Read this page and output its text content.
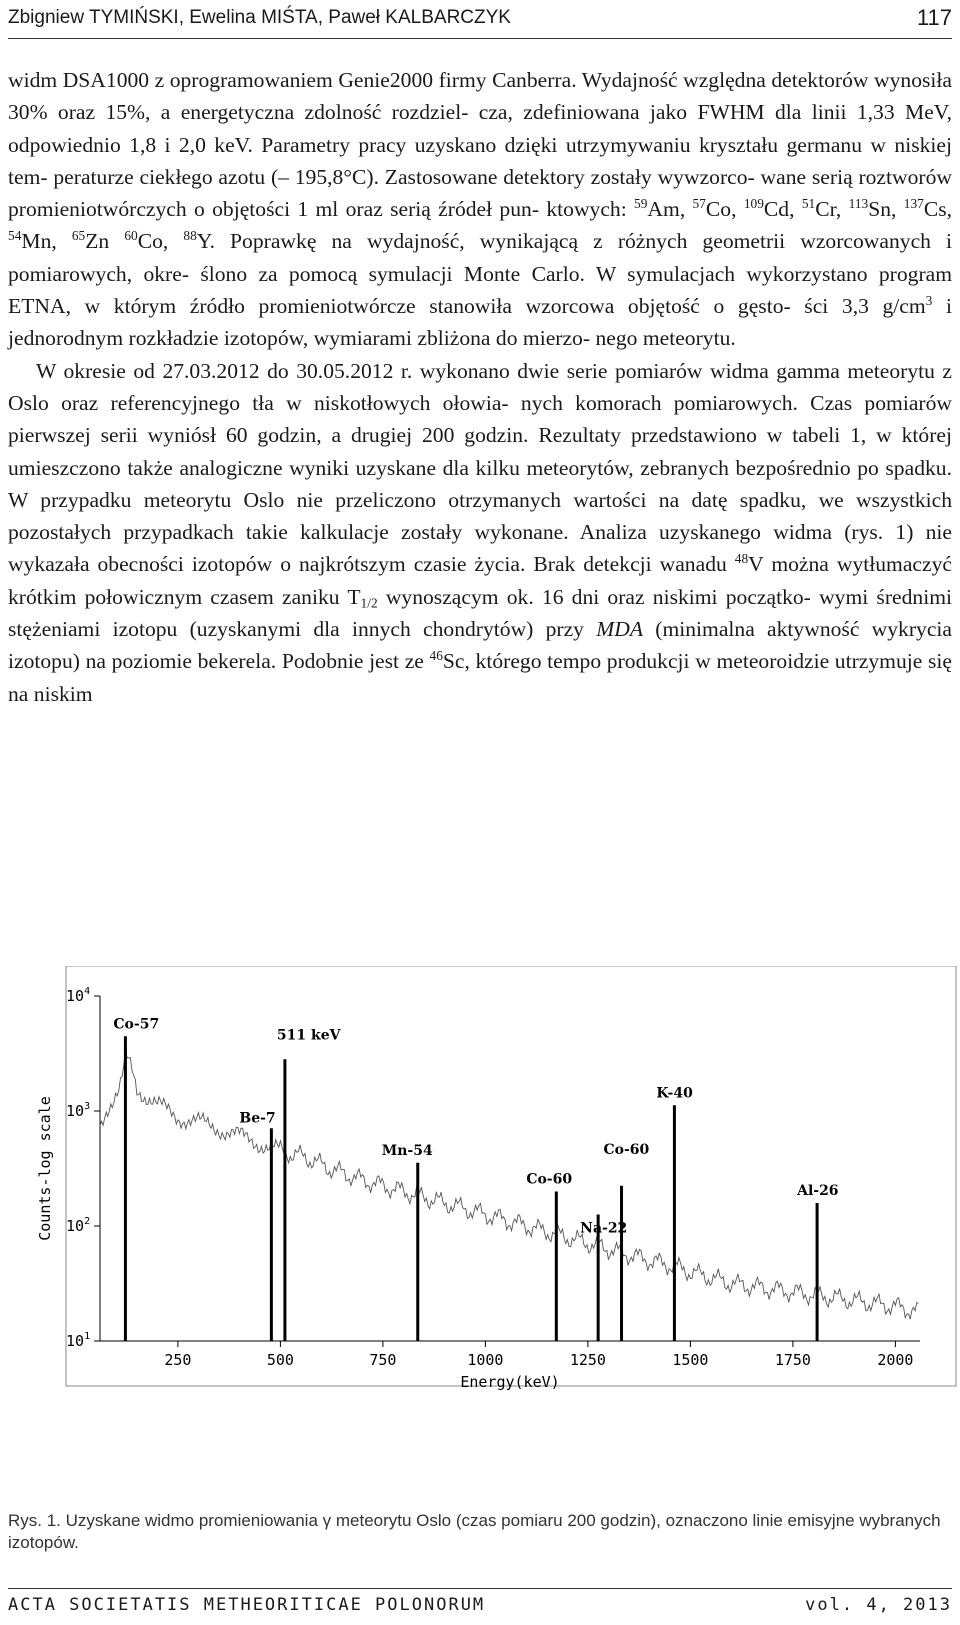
Zbigniew TYMIŃSKI, Ewelina MIŚTA, Paweł KALBARCZYK	117

widm DSA1000 z oprogramowaniem Genie2000 firmy Canberra. Wydajność względna detektorów wynosiła 30% oraz 15%, a energetyczna zdolność rozdziel- cza, zdefiniowana jako FWHM dla linii 1,33 MeV, odpowiednio 1,8 i 2,0 keV. Parametry pracy uzyskano dzięki utrzymywaniu kryształu germanu w niskiej tem- peraturze ciekłego azotu (– 195,8°C). Zastosowane detektory zostały wywzorco- wane serią roztworów promieniotwórczych o objętości 1 ml oraz serią źródeł pun- ktowych: $^{59}$Am, $^{57}$Co, $^{109}$Cd, $^{51}$Cr, $^{113}$Sn, $^{137}$Cs, $^{54}$Mn, $^{65}$Zn $^{60}$Co, $^{88}$Y. Poprawkę na wydajność, wynikającą z różnych geometrii wzorcowanych i pomiarowych, okre- ślono za pomocą symulacji Monte Carlo. W symulacjach wykorzystano program ETNA, w którym źródło promieniotwórcze stanowiła wzorcowa objętość o gęsto- ści 3,3 $g/cm^3$ i jednorodnym rozkładzie izotopów, wymiarami zbliżona do mierzo- nego meteorytu.

W okresie od 27.03.2012 do 30.05.2012 r. wykonano dwie serie pomiarów widma gamma meteorytu z Oslo oraz referencyjnego tła w niskotłowych ołowia- nych komorach pomiarowych. Czas pomiarów pierwszej serii wyniósł 60 godzin, a drugiej 200 godzin. Rezultaty przedstawiono w tabeli 1, w której umieszczono także analogiczne wyniki uzyskane dla kilku meteorytów, zebranych bezpośrednio po spadku. W przypadku meteorytu Oslo nie przeliczono otrzymanych wartości na datę spadku, we wszystkich pozostałych przypadkach takie kalkulacje zostały wykonane. Analiza uzyskanego widma (rys. 1) nie wykazała obecności izotopów o najkrótszym czasie życia. Brak detekcji wanadu $^{48}$V można wytłumaczyć krótkim połowicznym czasem zaniku $T_{1/2}$ wynoszącym ok. 16 dni oraz niskimi początko- wymi średnimi stężeniami izotopu (uzyskanymi dla innych chondrytów) przy MDA (minimalna aktywność wykrycia izotopu) na poziomie bekerela. Podobnie jest ze $^{46}$Sc, którego tempo produkcji w meteoroidzie utrzymuje się na niskim

250	500	750	1000	1250	1500	1750	2000
$10^1$
$10^2$
$10^3$
$10^4$
Energy(keV)
Counts-log scale
Co-57
511 keV
Be-7
Mn-54
Co-60
Na-22
Co-60
K-40
Al-26
Rys. 1. Uzyskane widmo promieniowania γ meteorytu Oslo (czas pomiaru 200 godzin), oznaczono linie emisyjne wybranych izotopów.
ACTA SOCIETATIS METHEORITICAE POLONORUM	vol. 4, 2013
